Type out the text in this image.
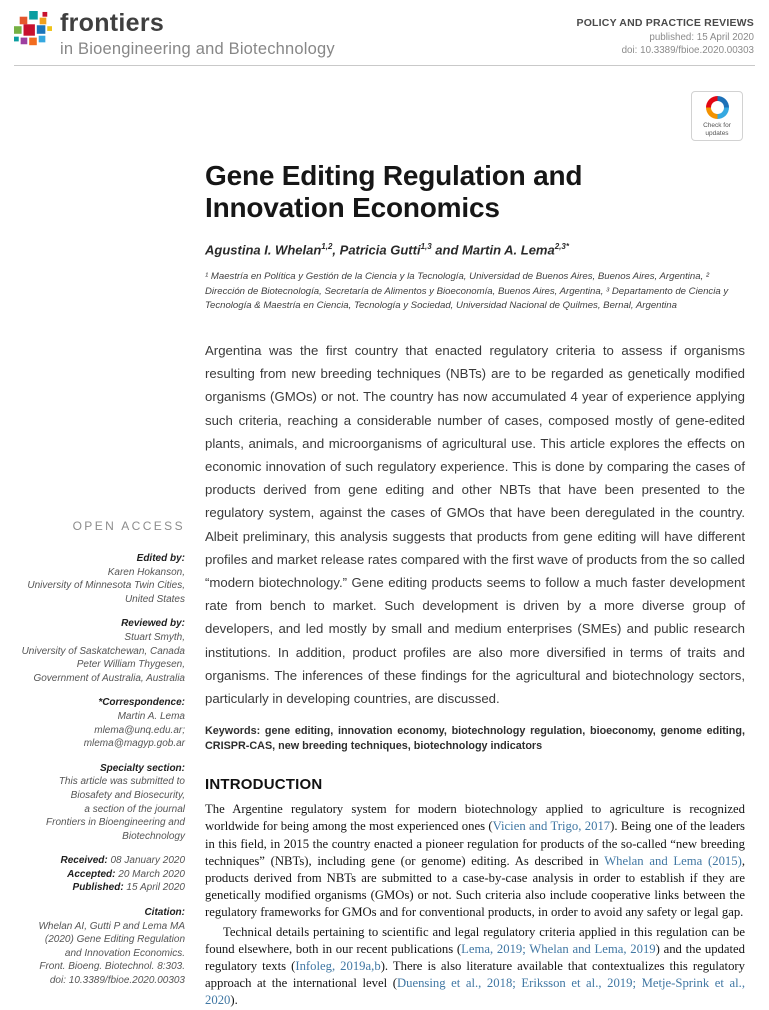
frontiers
in Bioengineering and Biotechnology
POLICY AND PRACTICE REVIEWS
published: 15 April 2020
doi: 10.3389/fbioe.2020.00303
Check for
updates
OPEN ACCESS
Edited by:
Karen Hokanson,
University of Minnesota Twin Cities,
United States
Reviewed by:
Stuart Smyth,
University of Saskatchewan, Canada
Peter William Thygesen,
Government of Australia, Australia
*Correspondence:
Martin A. Lema
mlema@unq.edu.ar;
mlema@magyp.gob.ar
Specialty section:
This article was submitted to
Biosafety and Biosecurity,
a section of the journal
Frontiers in Bioengineering and
Biotechnology
Received: 08 January 2020
Accepted: 20 March 2020
Published: 15 April 2020
Citation:
Whelan AI, Gutti P and Lema MA
(2020) Gene Editing Regulation
and Innovation Economics.
Front. Bioeng. Biotechnol. 8:303.
doi: 10.3389/fbioe.2020.00303
Gene Editing Regulation and
Innovation Economics
Agustina I. Whelan$^{1,2}$, Patricia Gutti$^{1,3}$ and Martin A. Lema$^{2,3*}$
¹ Maestría en Política y Gestión de la Ciencia y la Tecnología, Universidad de Buenos Aires, Buenos Aires, Argentina, ² Dirección de Biotecnología, Secretaría de Alimentos y Bioeconomía, Buenos Aires, Argentina, ³ Departamento de Ciencia y Tecnología & Maestría en Ciencia, Tecnología y Sociedad, Universidad Nacional de Quilmes, Bernal, Argentina
Argentina was the first country that enacted regulatory criteria to assess if organisms resulting from new breeding techniques (NBTs) are to be regarded as genetically modified organisms (GMOs) or not. The country has now accumulated 4 year of experience applying such criteria, reaching a considerable number of cases, composed mostly of gene-edited plants, animals, and microorganisms of agricultural use. This article explores the effects on economic innovation of such regulatory experience. This is done by comparing the cases of products derived from gene editing and other NBTs that have been presented to the regulatory system, against the cases of GMOs that have been deregulated in the country. Albeit preliminary, this analysis suggests that products from gene editing will have different profiles and market release rates compared with the first wave of products from the so called “modern biotechnology.” Gene editing products seems to follow a much faster development rate from bench to market. Such development is driven by a more diverse group of developers, and led mostly by small and medium enterprises (SMEs) and public research institutions. In addition, product profiles are also more diversified in terms of traits and organisms. The inferences of these findings for the agricultural and biotechnology sectors, particularly in developing countries, are discussed.
Keywords: gene editing, innovation economy, biotechnology regulation, bioeconomy, genome editing, CRISPR-CAS, new breeding techniques, biotechnology indicators
INTRODUCTION

The Argentine regulatory system for modern biotechnology applied to agriculture is recognized worldwide for being among the most experienced ones (Vicien and Trigo, 2017). Being one of the leaders in this field, in 2015 the country enacted a pioneer regulation for products of the so-called “new breeding techniques” (NBTs), including gene (or genome) editing. As described in Whelan and Lema (2015), products derived from NBTs are submitted to a case-by-case analysis in order to establish if they are genetically modified organisms (GMOs) or not. Such criteria also include cooperative links between the regulatory frameworks for GMOs and for conventional products, in order to avoid any safety or legal gap.

Technical details pertaining to scientific and legal regulatory criteria applied in this regulation can be found elsewhere, both in our recent publications (Lema, 2019; Whelan and Lema, 2019) and the updated regulatory texts (Infoleg, 2019a,b). There is also literature available that contextualizes this regulatory approach at the international level (Duensing et al., 2018; Eriksson et al., 2019; Metje-Sprink et al., 2020).
